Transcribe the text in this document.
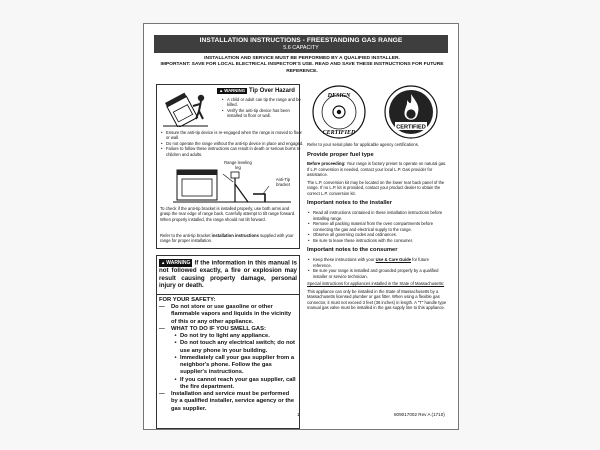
INSTALLATION INSTRUCTIONS - FREESTANDING GAS RANGE
5.6 CAPACITY
INSTALLATION AND SERVICE MUST BE PERFORMED BY A QUALIFIED INSTALLER.
IMPORTANT: SAVE FOR LOCAL ELECTRICAL INSPECTOR'S USE. READ AND SAVE THESE INSTRUCTIONS FOR FUTURE REFERENCE.
▲WARNING Tip Over Hazard
• A child or adult can tip the range and be killed.
• Verify the anti-tip device has been installed to floor or wall.
• Ensure the anti-tip device is re-engaged when the range is moved to floor or wall.
• Do not operate the range without the anti-tip device in place and engaged.
• Failure to follow these instructions can result in death or serious burns to children and adults.
Range leveling leg
Anti-Tip bracket

To check if the anti-tip bracket is installed properly, use both arms and grasp the rear edge of range back. Carefully attempt to tilt range forward. When properly installed, the range should not tilt forward.

Refer to the anti-tip bracket installation instructions supplied with your range for proper installation.

▲WARNING If the information in this manual is not followed exactly, a fire or explosion may result causing property damage, personal injury or death.
FOR YOUR SAFETY:
—	Do not store or use gasoline or other flammable vapors and liquids in the vicinity of this or any other appliance.
—	WHAT TO DO IF YOU SMELL GAS:
• Do not try to light any appliance.
• Do not touch any electrical switch; do not use any phone in your building.
• Immediately call your gas supplier from a neighbor's phone. Follow the gas supplier's instructions.
• If you cannot reach your gas supplier, call the fire department.
—	Installation and service must be performed by a qualified installer, service agency or the gas supplier.
DESIGN
CERTIFIED
CERTIFIED

Refer to your serial plate for applicable agency certifications.

Provide proper fuel type

Before proceeding: Your range is factory preset to operate on natural gas. If L.P. conversion is needed, contact your local L.P. Gas provider for assistance.

The L.P. conversion kit may be located on the lower rear back panel of the range. If no L.P. kit is provided, contact your product dealer to obtain the correct L.P. conversion kit.

Important notes to the installer
• Read all instructions contained in these installation instructions before installing range.
• Remove all packing material from the oven compartments before connecting the gas and electrical supply to the range.
• Observe all governing codes and ordinances.
• Be sure to leave these instructions with the consumer.
Important notes to the consumer
• Keep these instructions with your Use & Care Guide for future reference.
• Be sure your range is installed and grounded properly by a qualified installer or service technician.

Special instructions for appliances installed in the State of Massachusetts:

This appliance can only be installed in the State of Massachusetts by a Massachusetts licensed plumber or gas fitter. When using a flexible gas connector, it must not exceed 3 feet (36 inches) in length. A "T" handle type manual gas valve must be installed in the gas supply line to this appliance.

1	809017002 Rev A (1710)
